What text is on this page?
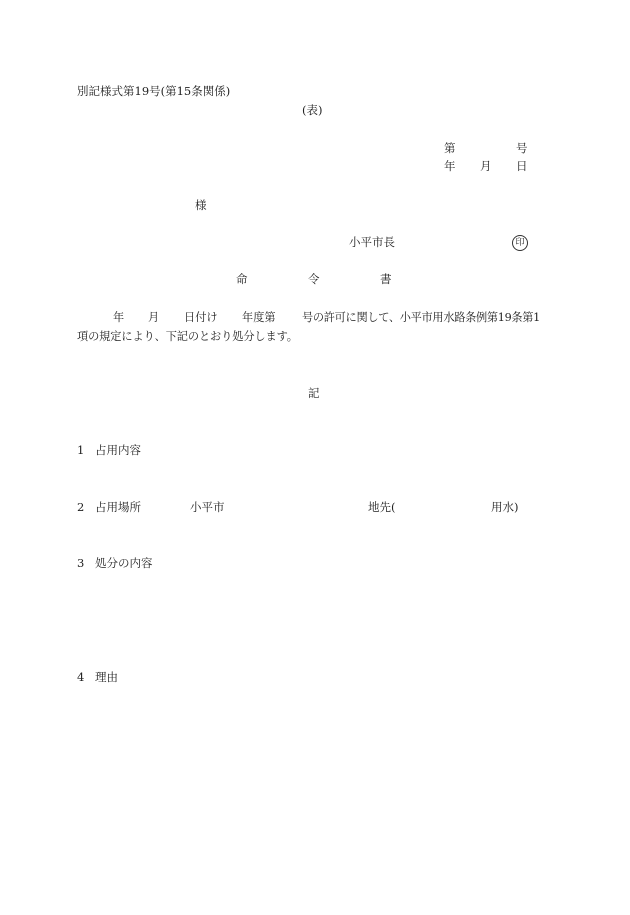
別記様式第19号(第15条関係)
(表)
第	号
年 月 日
様
小平市長	印
命	令	書
年 月 日付け 年度第 号の許可に関して、小平市用水路条例第19条第1
項の規定により、下記のとおり処分します。
記
1 占用内容
2 占用場所	小平市	地先(	用水)
3 処分の内容
4 理由
